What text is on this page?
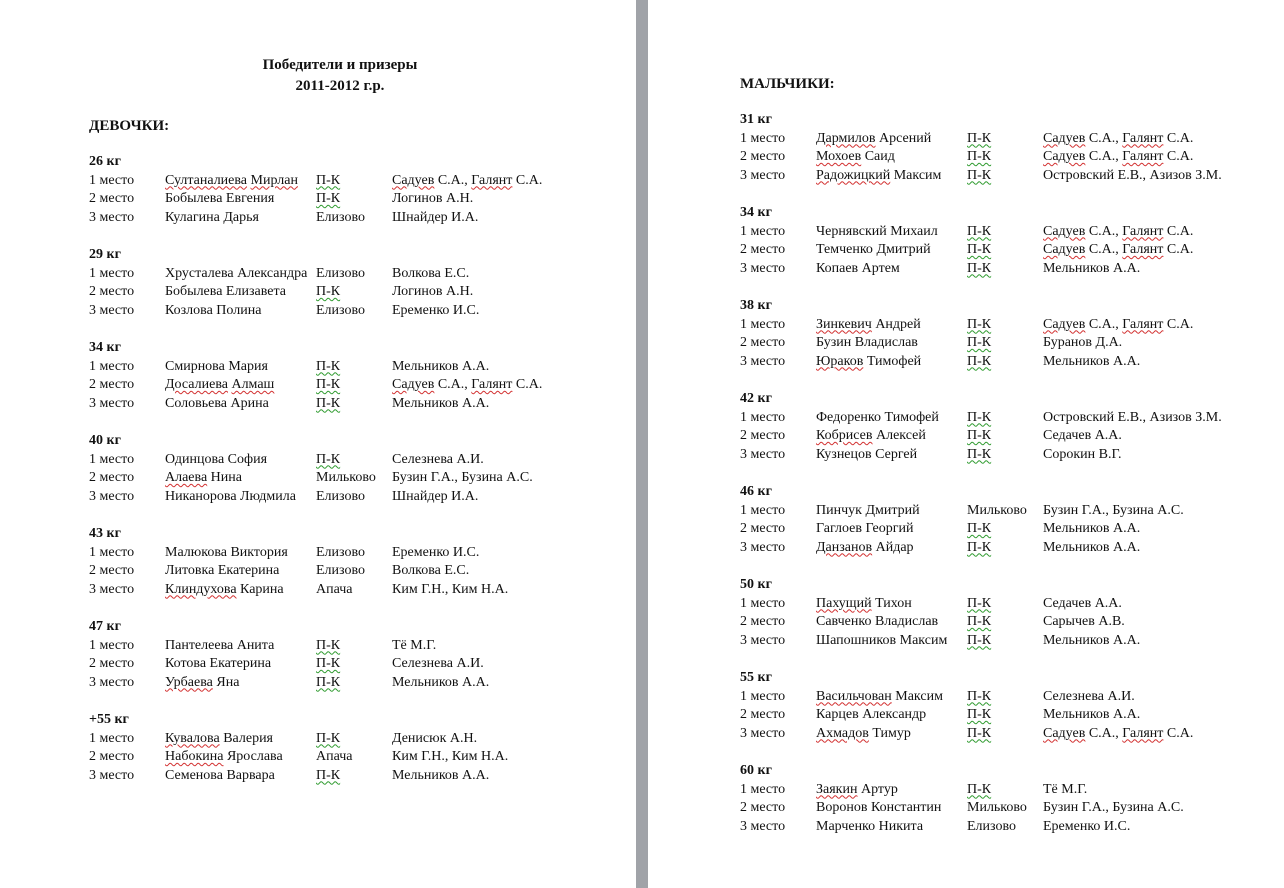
Победители и призеры
2011-2012 г.р.
ДЕВОЧКИ:
26 кг
1 место Султаналиева Мирлан П-К	Садуев С.А., Галянт С.А.
2 место Бобылева Евгения	П-К	Логинов А.Н.
3 место Кулагина Дарья	Елизово Шнайдер И.А.
29 кг
1 место Хрусталева Александра Елизово Волкова Е.С.
2 место Бобылева Елизавета П-К	Логинов А.Н.
3 место Козлова Полина	Елизово Еременко И.С.
34 кг
1 место Смирнова Мария	П-К	Мельников А.А.
2 место Досалиева Алмаш	П-К	Садуев С.А., Галянт С.А.
3 место Соловьева Арина	П-К	Мельников А.А.
40 кг
1 место Одинцова София	П-К	Селезнева А.И.
2 место Алаева Нина	Мильково Бузин Г.А., Бузина А.С.
3 место Никанорова Людмила Елизово Шнайдер И.А.
43 кг
1 место Малюкова Виктория Елизово Еременко И.С.
2 место Литовка Екатерина	Елизово Волкова Е.С.
3 место Клиндухова Карина Апача	Ким Г.Н., Ким Н.А.
47 кг
1 место Пантелеева Анита	П-К	Тё М.Г.
2 место Котова Екатерина	П-К	Селезнева А.И.
3 место Урбаева Яна	П-К	Мельников А.А.
+55 кг
1 место Кувалова Валерия	П-К	Денисюк А.Н.
2 место Набокина Ярослава Апача	Ким Г.Н., Ким Н.А.
3 место Семенова Варвара	П-К	Мельников А.А.
МАЛЬЧИКИ:
31 кг
1 место Дармилов Арсений	П-К	Садуев С.А., Галянт С.А.
2 место Мохоев Саид	П-К	Садуев С.А., Галянт С.А.
3 место Радожицкий Максим П-К	Островский Е.В., Азизов З.М.
34 кг
1 место Чернявский Михаил П-К	Садуев С.А., Галянт С.А.
2 место Темченко Дмитрий	П-К	Садуев С.А., Галянт С.А.
3 место Копаев Артем	П-К	Мельников А.А.
38 кг
1 место Зинкевич Андрей	П-К	Садуев С.А., Галянт С.А.
2 место Бузин Владислав	П-К	Буранов Д.А.
3 место Юраков Тимофей	П-К	Мельников А.А.
42 кг
1 место Федоренко Тимофей П-К	Островский Е.В., Азизов З.М.
2 место Кобрисев Алексей	П-К	Седачев А.А.
3 место Кузнецов Сергей	П-К	Сорокин В.Г.
46 кг
1 место Пинчук Дмитрий	Мильково Бузин Г.А., Бузина А.С.
2 место Гаглоев Георгий	П-К	Мельников А.А.
3 место Данзанов Айдар	П-К	Мельников А.А.
50 кг
1 место Пахущий Тихон	П-К	Седачев А.А.
2 место Савченко Владислав П-К	Сарычев А.В.
3 место Шапошников Максим П-К	Мельников А.А.
55 кг
1 место Васильчован Максим П-К	Селезнева А.И.
2 место Карцев Александр	П-К	Мельников А.А.
3 место Ахмадов Тимур	П-К	Садуев С.А., Галянт С.А.
60 кг
1 место Заякин Артур	П-К	Тё М.Г.
2 место Воронов Константин Мильково Бузин Г.А., Бузина А.С.
3 место Марченко Никита	Елизово Еременко И.С.
